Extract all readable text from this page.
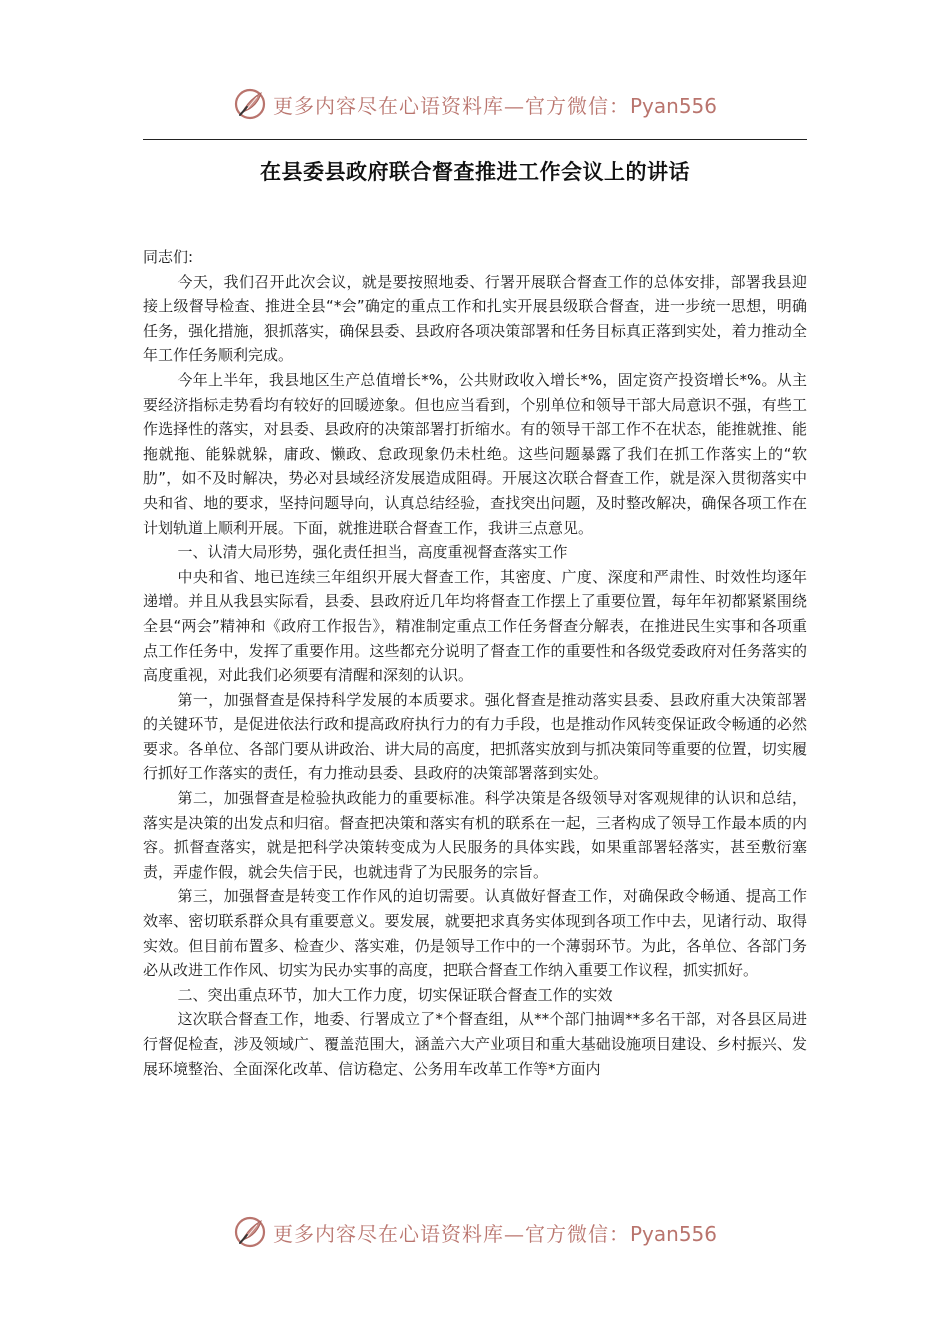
更多内容尽在心语资料库—官方微信：Pyan556
在县委县政府联合督查推进工作会议上的讲话

同志们:

今天，我们召开此次会议，就是要按照地委、行署开展联合督查工作的总体安排，部署我县迎接上级督导检查、推进全县“*会”确定的重点工作和扎实开展县级联合督查，进一步统一思想，明确任务，强化措施，狠抓落实，确保县委、县政府各项决策部署和任务目标真正落到实处，着力推动全年工作任务顺利完成。

今年上半年，我县地区生产总值增长*%，公共财政收入增长*%，固定资产投资增长*%。从主要经济指标走势看均有较好的回暖迹象。但也应当看到，个别单位和领导干部大局意识不强，有些工作选择性的落实，对县委、县政府的决策部署打折缩水。有的领导干部工作不在状态，能推就推、能拖就拖、能躲就躲，庸政、懒政、怠政现象仍未杜绝。这些问题暴露了我们在抓工作落实上的“软肋”，如不及时解决，势必对县域经济发展造成阻碍。开展这次联合督查工作，就是深入贯彻落实中央和省、地的要求，坚持问题导向，认真总结经验，查找突出问题，及时整改解决，确保各项工作在计划轨道上顺利开展。下面，就推进联合督查工作，我讲三点意见。

一、认清大局形势，强化责任担当，高度重视督查落实工作

中央和省、地已连续三年组织开展大督查工作，其密度、广度、深度和严肃性、时效性均逐年递增。并且从我县实际看，县委、县政府近几年均将督查工作摆上了重要位置，每年年初都紧紧围绕全县“两会”精神和《政府工作报告》，精准制定重点工作任务督查分解表，在推进民生实事和各项重点工作任务中，发挥了重要作用。这些都充分说明了督查工作的重要性和各级党委政府对任务落实的高度重视，对此我们必须要有清醒和深刻的认识。

第一，加强督查是保持科学发展的本质要求。强化督查是推动落实县委、县政府重大决策部署的关键环节，是促进依法行政和提高政府执行力的有力手段，也是推动作风转变保证政令畅通的必然要求。各单位、各部门要从讲政治、讲大局的高度，把抓落实放到与抓决策同等重要的位置，切实履行抓好工作落实的责任，有力推动县委、县政府的决策部署落到实处。

第二，加强督查是检验执政能力的重要标准。科学决策是各级领导对客观规律的认识和总结，落实是决策的出发点和归宿。督查把决策和落实有机的联系在一起，三者构成了领导工作最本质的内容。抓督查落实，就是把科学决策转变成为人民服务的具体实践，如果重部署轻落实，甚至敷衍塞责，弄虚作假，就会失信于民，也就违背了为民服务的宗旨。

第三，加强督查是转变工作作风的迫切需要。认真做好督查工作，对确保政令畅通、提高工作效率、密切联系群众具有重要意义。要发展，就要把求真务实体现到各项工作中去，见诸行动、取得实效。但目前布置多、检查少、落实难，仍是领导工作中的一个薄弱环节。为此，各单位、各部门务必从改进工作作风、切实为民办实事的高度，把联合督查工作纳入重要工作议程，抓实抓好。

二、突出重点环节，加大工作力度，切实保证联合督查工作的实效

这次联合督查工作，地委、行署成立了*个督查组，从**个部门抽调**多名干部，对各县区局进行督促检查，涉及领域广、覆盖范围大，涵盖六大产业项目和重大基础设施项目建设、乡村振兴、发展环境整治、全面深化改革、信访稳定、公务用车改革工作等*方面内

更多内容尽在心语资料库—官方微信：Pyan556
